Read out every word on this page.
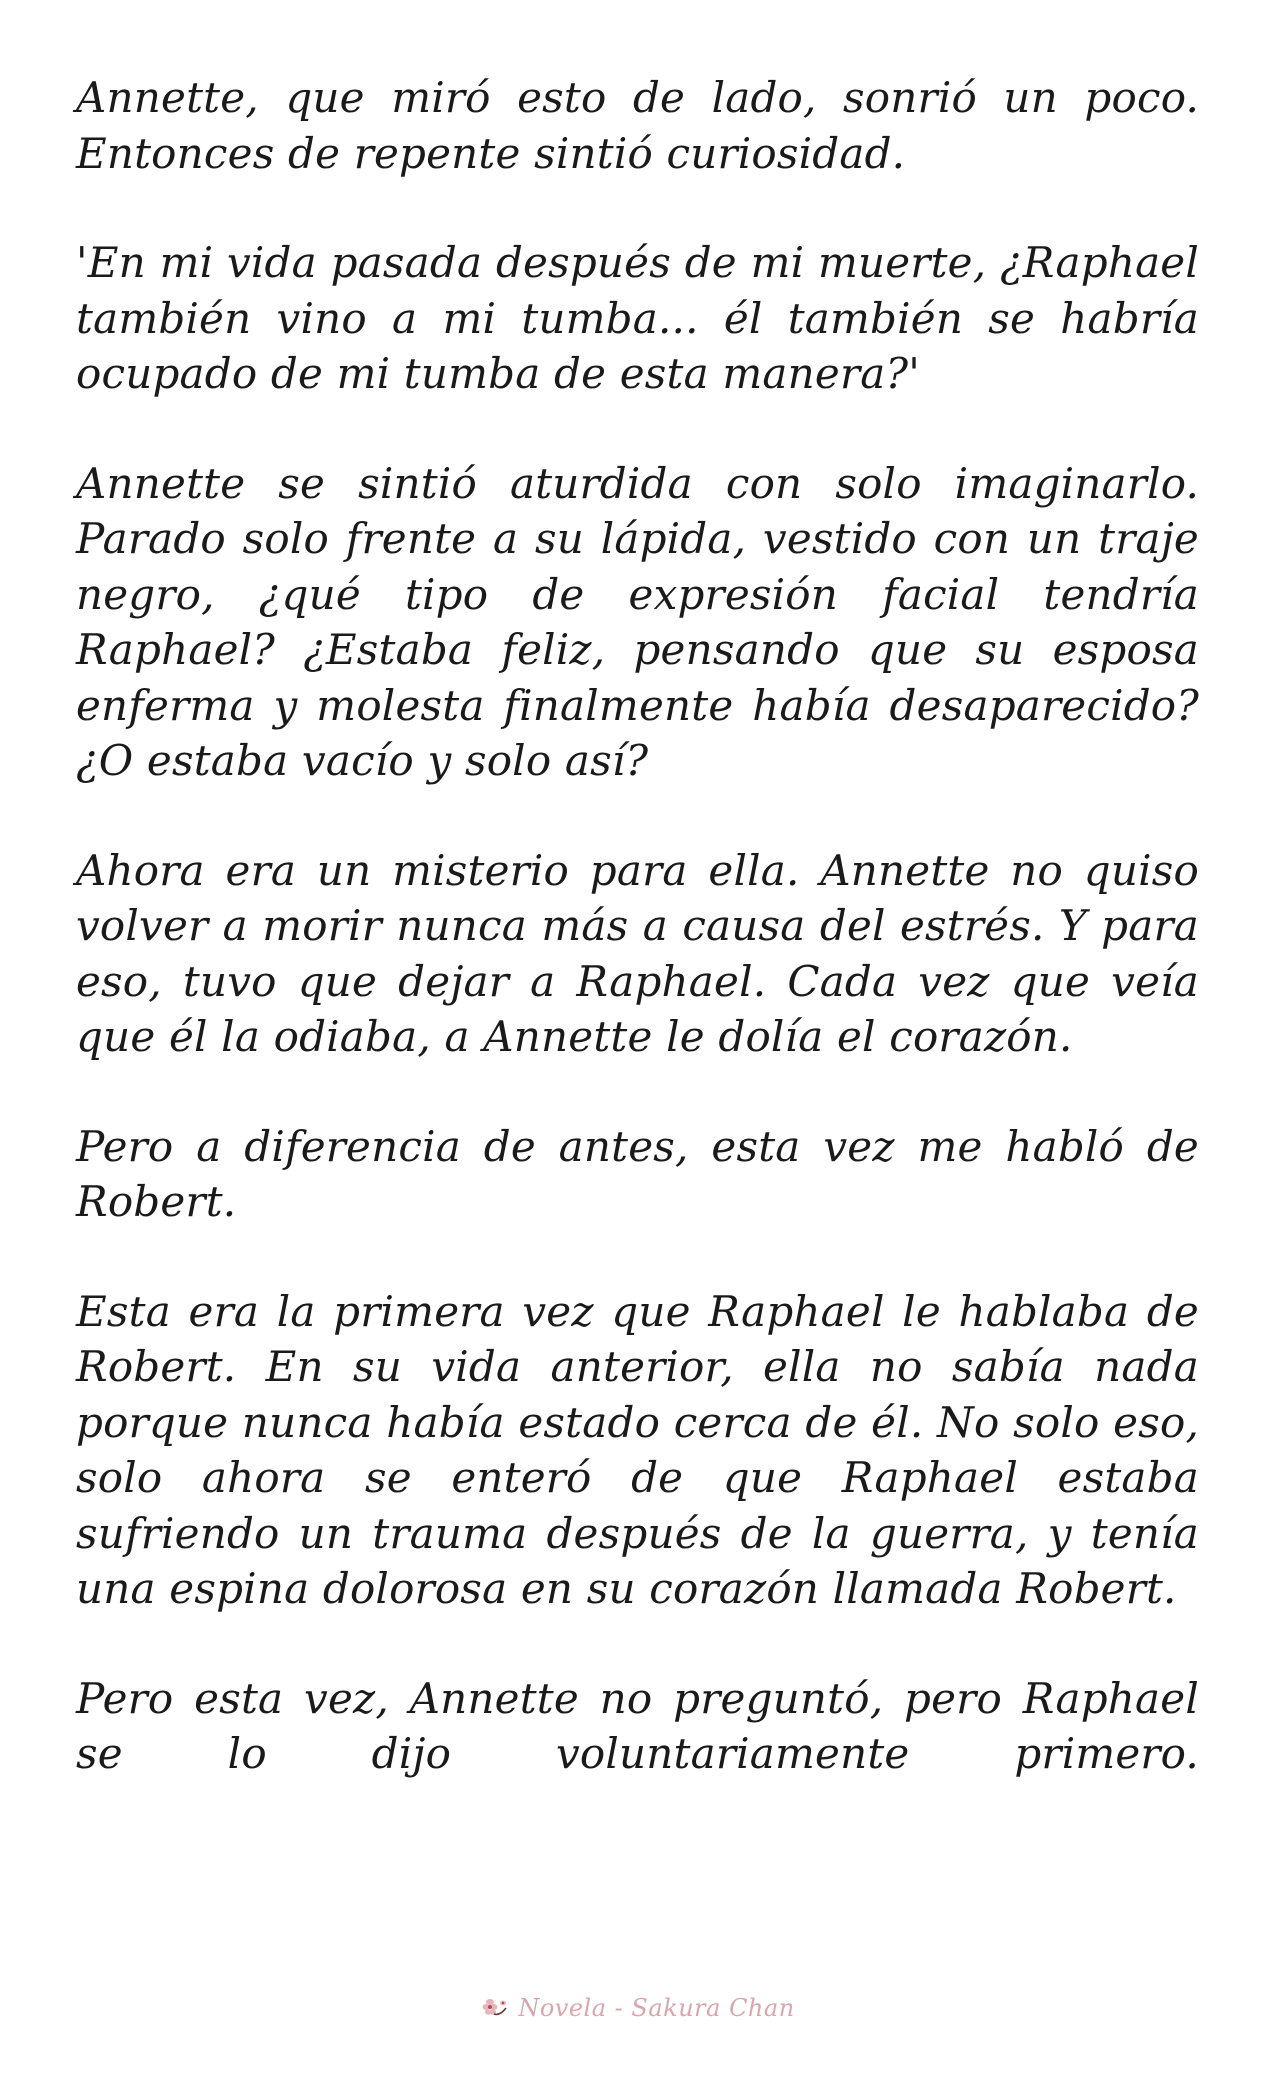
Annette, que miró esto de lado, sonrió un poco. Entonces de repente sintió curiosidad.

'En mi vida pasada después de mi muerte, ¿Raphael también vino a mi tumba... él también se habría ocupado de mi tumba de esta manera?'

Annette se sintió aturdida con solo imaginarlo. Parado solo frente a su lápida, vestido con un traje negro, ¿qué tipo de expresión facial tendría Raphael? ¿Estaba feliz, pensando que su esposa enferma y molesta finalmente había desaparecido? ¿O estaba vacío y solo así?

Ahora era un misterio para ella. Annette no quiso volver a morir nunca más a causa del estrés. Y para eso, tuvo que dejar a Raphael. Cada vez que veía que él la odiaba, a Annette le dolía el corazón.

Pero a diferencia de antes, esta vez me habló de Robert.

Esta era la primera vez que Raphael le hablaba de Robert. En su vida anterior, ella no sabía nada porque nunca había estado cerca de él. No solo eso, solo ahora se enteró de que Raphael estaba sufriendo un trauma después de la guerra, y tenía una espina dolorosa en su corazón llamada Robert.

Pero esta vez, Annette no preguntó, pero Raphael se lo dijo voluntariamente primero.

Novela - Sakura Chan
